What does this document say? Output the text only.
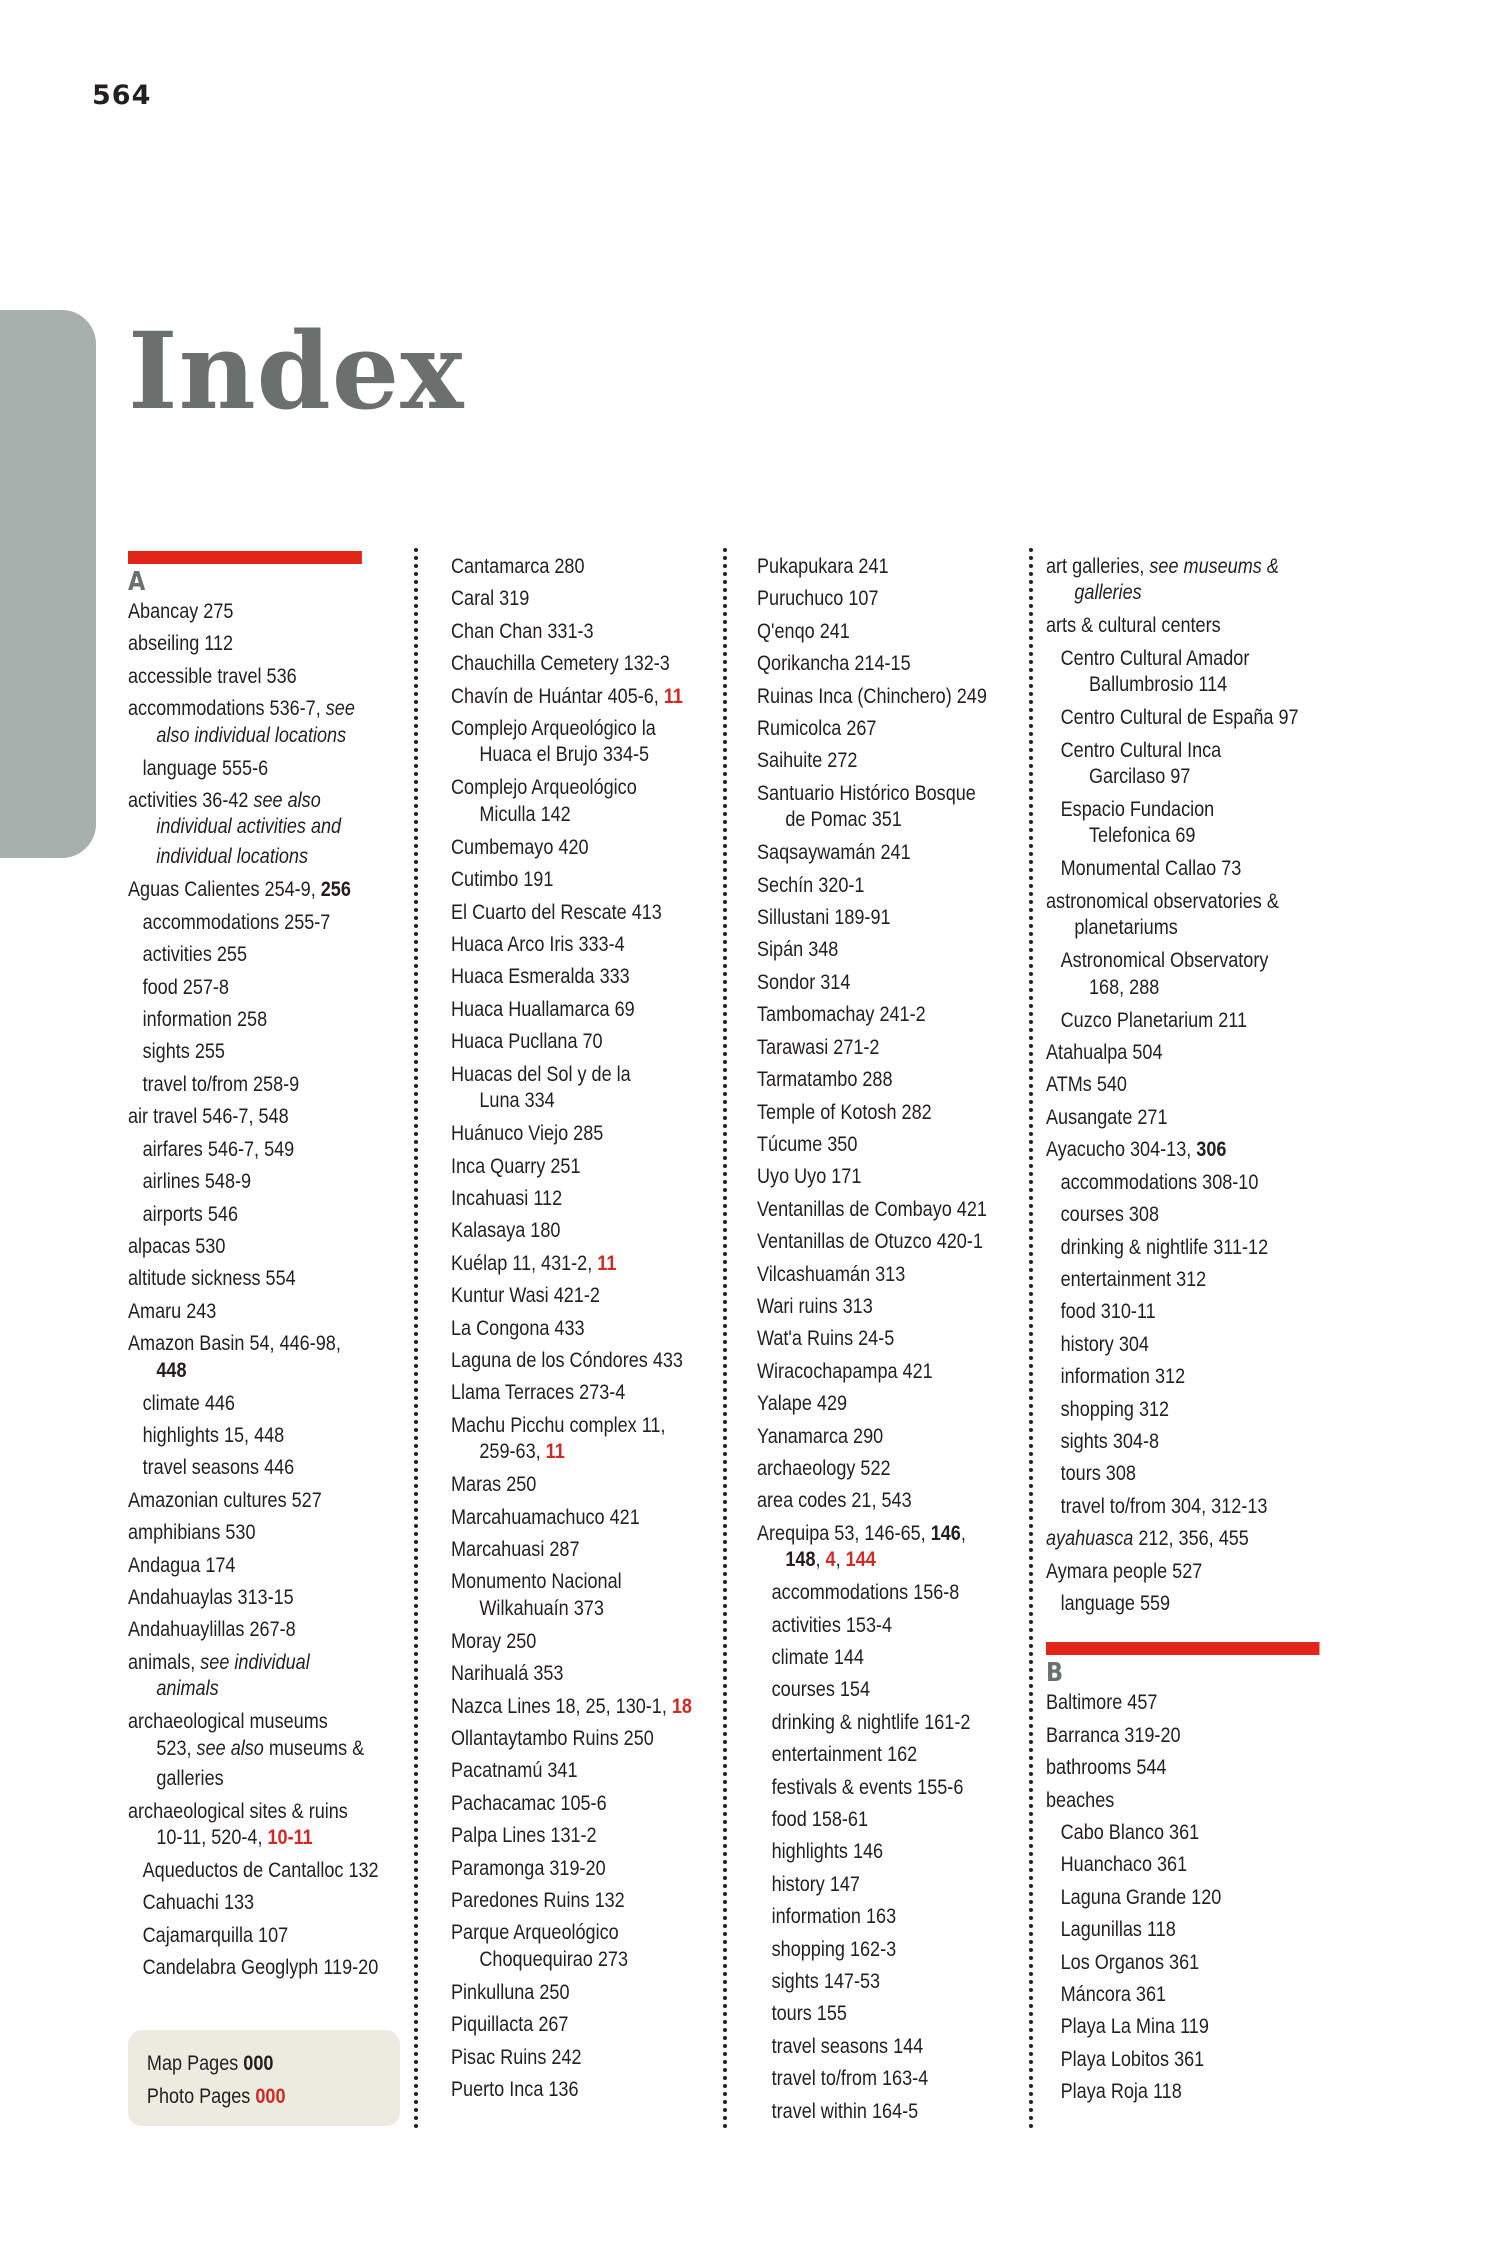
564
Index
A
Abancay 275
abseiling 112
accessible travel 536
accommodations 536-7, see
also individual locations
language 555-6
activities 36-42 see also
individual activities and
individual locations
Aguas Calientes 254-9, 256
accommodations 255-7
activities 255
food 257-8
information 258
sights 255
travel to/from 258-9
air travel 546-7, 548
airfares 546-7, 549
airlines 548-9
airports 546
alpacas 530
altitude sickness 554
Amaru 243
Amazon Basin 54, 446-98,
448
climate 446
highlights 15, 448
travel seasons 446
Amazonian cultures 527
amphibians 530
Andagua 174
Andahuaylas 313-15
Andahuaylillas 267-8
animals, see individual
animals
archaeological museums
523, see also museums &
galleries
archaeological sites & ruins
10-11, 520-4, 10-11
Aqueductos de Cantalloc 132
Cahuachi 133
Cajamarquilla 107
Candelabra Geoglyph 119-20
Cantamarca 280
Caral 319
Chan Chan 331-3
Chauchilla Cemetery 132-3
Chavín de Huántar 405-6, 11
Complejo Arqueológico la
Huaca el Brujo 334-5
Complejo Arqueológico
Miculla 142
Cumbemayo 420
Cutimbo 191
El Cuarto del Rescate 413
Huaca Arco Iris 333-4
Huaca Esmeralda 333
Huaca Huallamarca 69
Huaca Pucllana 70
Huacas del Sol y de la
Luna 334
Huánuco Viejo 285
Inca Quarry 251
Incahuasi 112
Kalasaya 180
Kuélap 11, 431-2, 11
Kuntur Wasi 421-2
La Congona 433
Laguna de los Cóndores 433
Llama Terraces 273-4
Machu Picchu complex 11,
259-63, 11
Maras 250
Marcahuamachuco 421
Marcahuasi 287
Monumento Nacional
Wilkahuaín 373
Moray 250
Narihualá 353
Nazca Lines 18, 25, 130-1, 18
Ollantaytambo Ruins 250
Pacatnamú 341
Pachacamac 105-6
Palpa Lines 131-2
Paramonga 319-20
Paredones Ruins 132
Parque Arqueológico
Choquequirao 273
Pinkulluna 250
Piquillacta 267
Pisac Ruins 242
Puerto Inca 136
Pukapukara 241
Puruchuco 107
Q'enqo 241
Qorikancha 214-15
Ruinas Inca (Chinchero) 249
Rumicolca 267
Saihuite 272
Santuario Histórico Bosque
de Pomac 351
Saqsaywamán 241
Sechín 320-1
Sillustani 189-91
Sipán 348
Sondor 314
Tambomachay 241-2
Tarawasi 271-2
Tarmatambo 288
Temple of Kotosh 282
Túcume 350
Uyo Uyo 171
Ventanillas de Combayo 421
Ventanillas de Otuzco 420-1
Vilcashuamán 313
Wari ruins 313
Wat'a Ruins 24-5
Wiracochapampa 421
Yalape 429
Yanamarca 290
archaeology 522
area codes 21, 543
Arequipa 53, 146-65, 146,
148, 4, 144
accommodations 156-8
activities 153-4
climate 144
courses 154
drinking & nightlife 161-2
entertainment 162
festivals & events 155-6
food 158-61
highlights 146
history 147
information 163
shopping 162-3
sights 147-53
tours 155
travel seasons 144
travel to/from 163-4
travel within 164-5
art galleries, see museums &
galleries
arts & cultural centers
Centro Cultural Amador
Ballumbrosio 114
Centro Cultural de España 97
Centro Cultural Inca
Garcilaso 97
Espacio Fundacion
Telefonica 69
Monumental Callao 73
astronomical observatories &
planetariums
Astronomical Observatory
168, 288
Cuzco Planetarium 211
Atahualpa 504
ATMs 540
Ausangate 271
Ayacucho 304-13, 306
accommodations 308-10
courses 308
drinking & nightlife 311-12
entertainment 312
food 310-11
history 304
information 312
shopping 312
sights 304-8
tours 308
travel to/from 304, 312-13
ayahuasca 212, 356, 455
Aymara people 527
language 559
B
Baltimore 457
Barranca 319-20
bathrooms 544
beaches
Cabo Blanco 361
Huanchaco 361
Laguna Grande 120
Lagunillas 118
Los Organos 361
Máncora 361
Playa La Mina 119
Playa Lobitos 361
Playa Roja 118
Map Pages 000
Photo Pages 000
